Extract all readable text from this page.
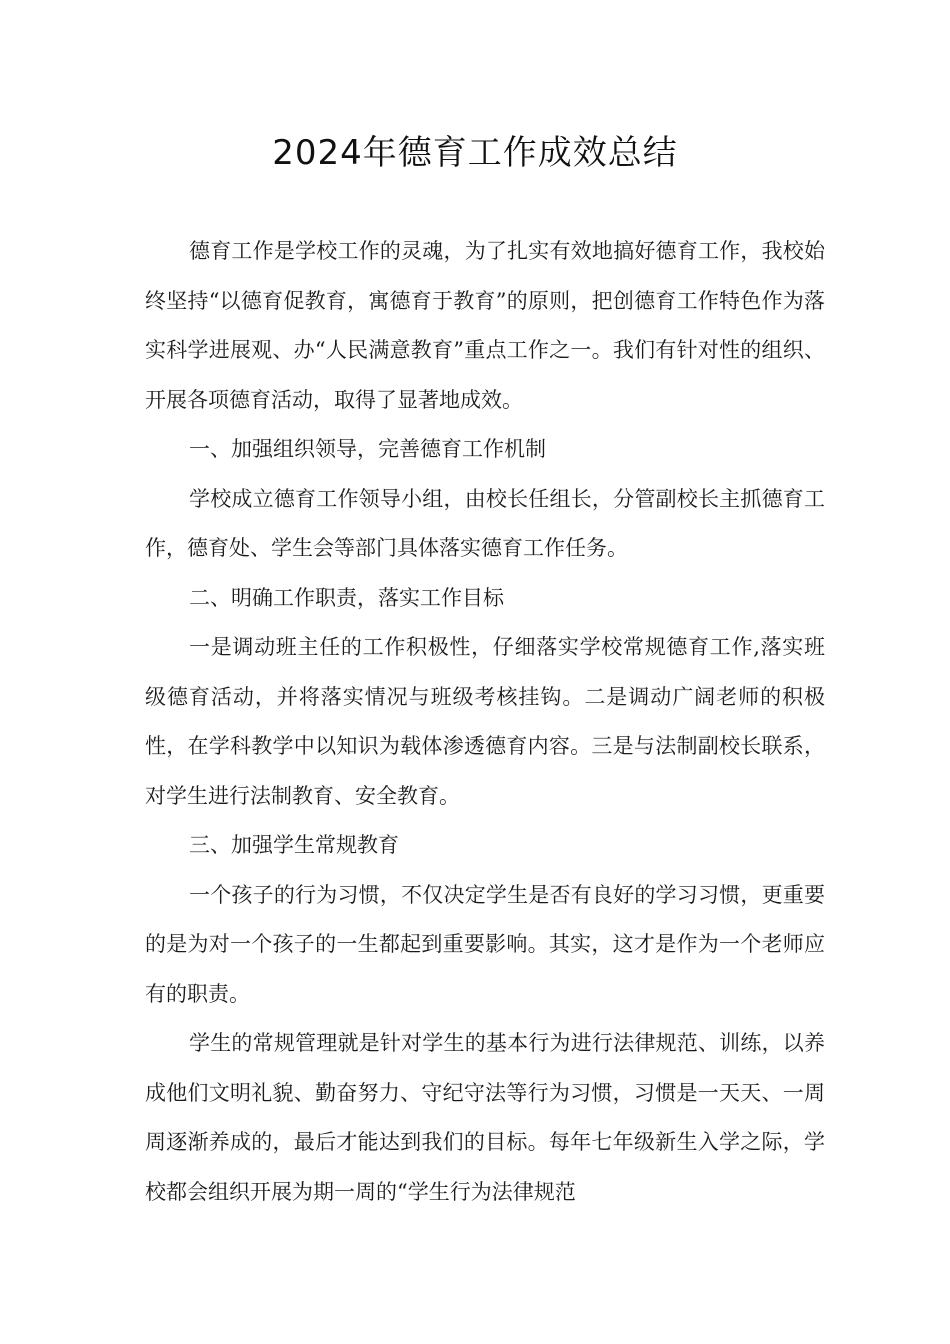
2024年德育工作成效总结

德育工作是学校工作的灵魂，为了扎实有效地搞好德育工作，我校始终坚持“以德育促教育，寓德育于教育”的原则，把创德育工作特色作为落实科学进展观、办“人民满意教育”重点工作之一。我们有针对性的组织、开展各项德育活动，取得了显著地成效。

一、加强组织领导，完善德育工作机制

学校成立德育工作领导小组，由校长任组长，分管副校长主抓德育工作，德育处、学生会等部门具体落实德育工作任务。

二、明确工作职责，落实工作目标

一是调动班主任的工作积极性，仔细落实学校常规德育工作,落实班级德育活动，并将落实情况与班级考核挂钩。二是调动广阔老师的积极性，在学科教学中以知识为载体渗透德育内容。三是与法制副校长联系，对学生进行法制教育、安全教育。

三、加强学生常规教育

一个孩子的行为习惯，不仅决定学生是否有良好的学习习惯，更重要的是为对一个孩子的一生都起到重要影响。其实，这才是作为一个老师应有的职责。

学生的常规管理就是针对学生的基本行为进行法律规范、训练，以养成他们文明礼貌、勤奋努力、守纪守法等行为习惯，习惯是一天天、一周周逐渐养成的，最后才能达到我们的目标。每年七年级新生入学之际，学校都会组织开展为期一周的“学生行为法律规范
